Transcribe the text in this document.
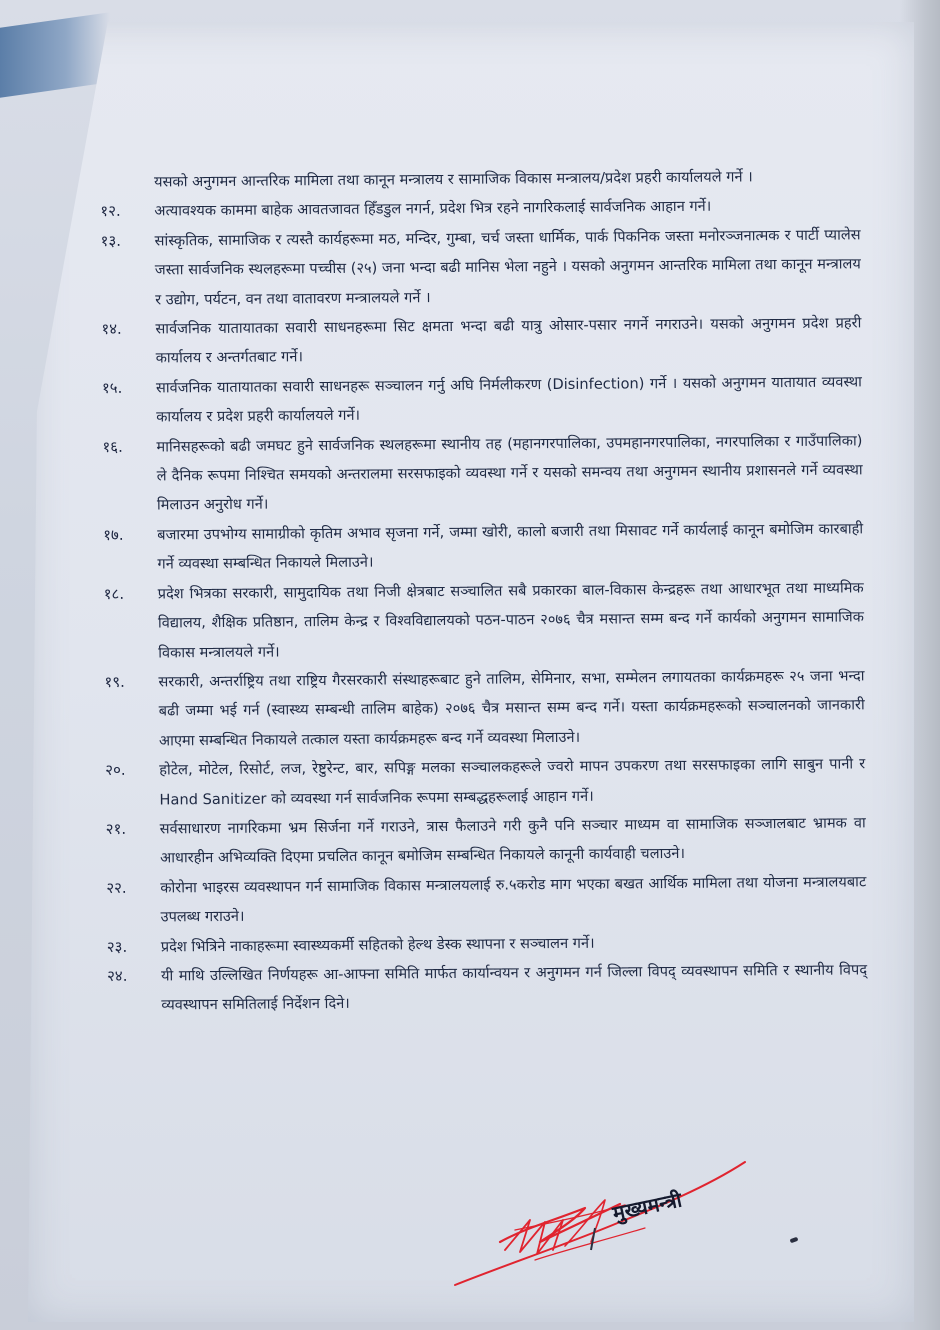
यसको अनुगमन आन्तरिक मामिला तथा कानून मन्त्रालय र सामाजिक विकास मन्त्रालय/प्रदेश प्रहरी कार्यालयले गर्ने ।

१२.	अत्यावश्यक काममा बाहेक आवतजावत हिँडडुल नगर्न, प्रदेश भित्र रहने नागरिकलाई सार्वजनिक आहान गर्ने।
१३.	सांस्कृतिक, सामाजिक र त्यस्तै कार्यहरूमा मठ, मन्दिर, गुम्बा, चर्च जस्ता धार्मिक, पार्क पिकनिक जस्ता मनोरञ्जनात्मक र पार्टी प्यालेस जस्ता सार्वजनिक स्थलहरूमा पच्चीस (२५) जना भन्दा बढी मानिस भेला नहुने । यसको अनुगमन आन्तरिक मामिला तथा कानून मन्त्रालय र उद्योग, पर्यटन, वन तथा वातावरण मन्त्रालयले गर्ने ।
१४.	सार्वजनिक यातायातका सवारी साधनहरूमा सिट क्षमता भन्दा बढी यात्रु ओसार-पसार नगर्ने नगराउने। यसको अनुगमन प्रदेश प्रहरी कार्यालय र अन्तर्गतबाट गर्ने।
१५.	सार्वजनिक यातायातका सवारी साधनहरू सञ्चालन गर्नु अघि निर्मलीकरण (Disinfection) गर्ने । यसको अनुगमन यातायात व्यवस्था कार्यालय र प्रदेश प्रहरी कार्यालयले गर्ने।
१६.	मानिसहरूको बढी जमघट हुने सार्वजनिक स्थलहरूमा स्थानीय तह (महानगरपालिका, उपमहानगरपालिका, नगरपालिका र गाउँपालिका) ले दैनिक रूपमा निश्चित समयको अन्तरालमा सरसफाइको व्यवस्था गर्ने र यसको समन्वय तथा अनुगमन स्थानीय प्रशासनले गर्ने व्यवस्था मिलाउन अनुरोध गर्ने।
१७.	बजारमा उपभोग्य सामाग्रीको कृतिम अभाव सृजना गर्ने, जम्मा खोरी, कालो बजारी तथा मिसावट गर्ने कार्यलाई कानून बमोजिम कारबाही गर्ने व्यवस्था सम्बन्धित निकायले मिलाउने।
१८.	प्रदेश भित्रका सरकारी, सामुदायिक तथा निजी क्षेत्रबाट सञ्चालित सबै प्रकारका बाल-विकास केन्द्रहरू तथा आधारभूत तथा माध्यमिक विद्यालय, शैक्षिक प्रतिष्ठान, तालिम केन्द्र र विश्वविद्यालयको पठन-पाठन २०७६ चैत्र मसान्त सम्म बन्द गर्ने कार्यको अनुगमन सामाजिक विकास मन्त्रालयले गर्ने।
१९.	सरकारी, अन्तर्राष्ट्रिय तथा राष्ट्रिय गैरसरकारी संस्थाहरूबाट हुने तालिम, सेमिनार, सभा, सम्मेलन लगायतका कार्यक्रमहरू २५ जना भन्दा बढी जम्मा भई गर्न (स्वास्थ्य सम्बन्धी तालिम बाहेक) २०७६ चैत्र मसान्त सम्म बन्द गर्ने। यस्ता कार्यक्रमहरूको सञ्चालनको जानकारी आएमा सम्बन्धित निकायले तत्काल यस्ता कार्यक्रमहरू बन्द गर्ने व्यवस्था मिलाउने।
२०.	होटेल, मोटेल, रिसोर्ट, लज, रेष्टुरेन्ट, बार, सपिङ्ग मलका सञ्चालकहरूले ज्वरो मापन उपकरण तथा सरसफाइका लागि साबुन पानी र Hand Sanitizer को व्यवस्था गर्न सार्वजनिक रूपमा सम्बद्धहरूलाई आहान गर्ने।
२१.	सर्वसाधारण नागरिकमा भ्रम सिर्जना गर्ने गराउने, त्रास फैलाउने गरी कुनै पनि सञ्चार माध्यम वा सामाजिक सञ्जालबाट भ्रामक वा आधारहीन अभिव्यक्ति दिएमा प्रचलित कानून बमोजिम सम्बन्धित निकायले कानूनी कार्यवाही चलाउने।
२२.	कोरोना भाइरस व्यवस्थापन गर्न सामाजिक विकास मन्त्रालयलाई रु.५करोड माग भएका बखत आर्थिक मामिला तथा योजना मन्त्रालयबाट उपलब्ध गराउने।
२३.	प्रदेश भित्रिने नाकाहरूमा स्वास्थ्यकर्मी सहितको हेल्थ डेस्क स्थापना र सञ्चालन गर्ने।
२४.	यी माथि उल्लिखित निर्णयहरू आ-आफ्ना समिति मार्फत कार्यान्वयन र अनुगमन गर्न जिल्ला विपद् व्यवस्थापन समिति र स्थानीय विपद् व्यवस्थापन समितिलाई निर्देशन दिने।
मुख्यमन्त्री
